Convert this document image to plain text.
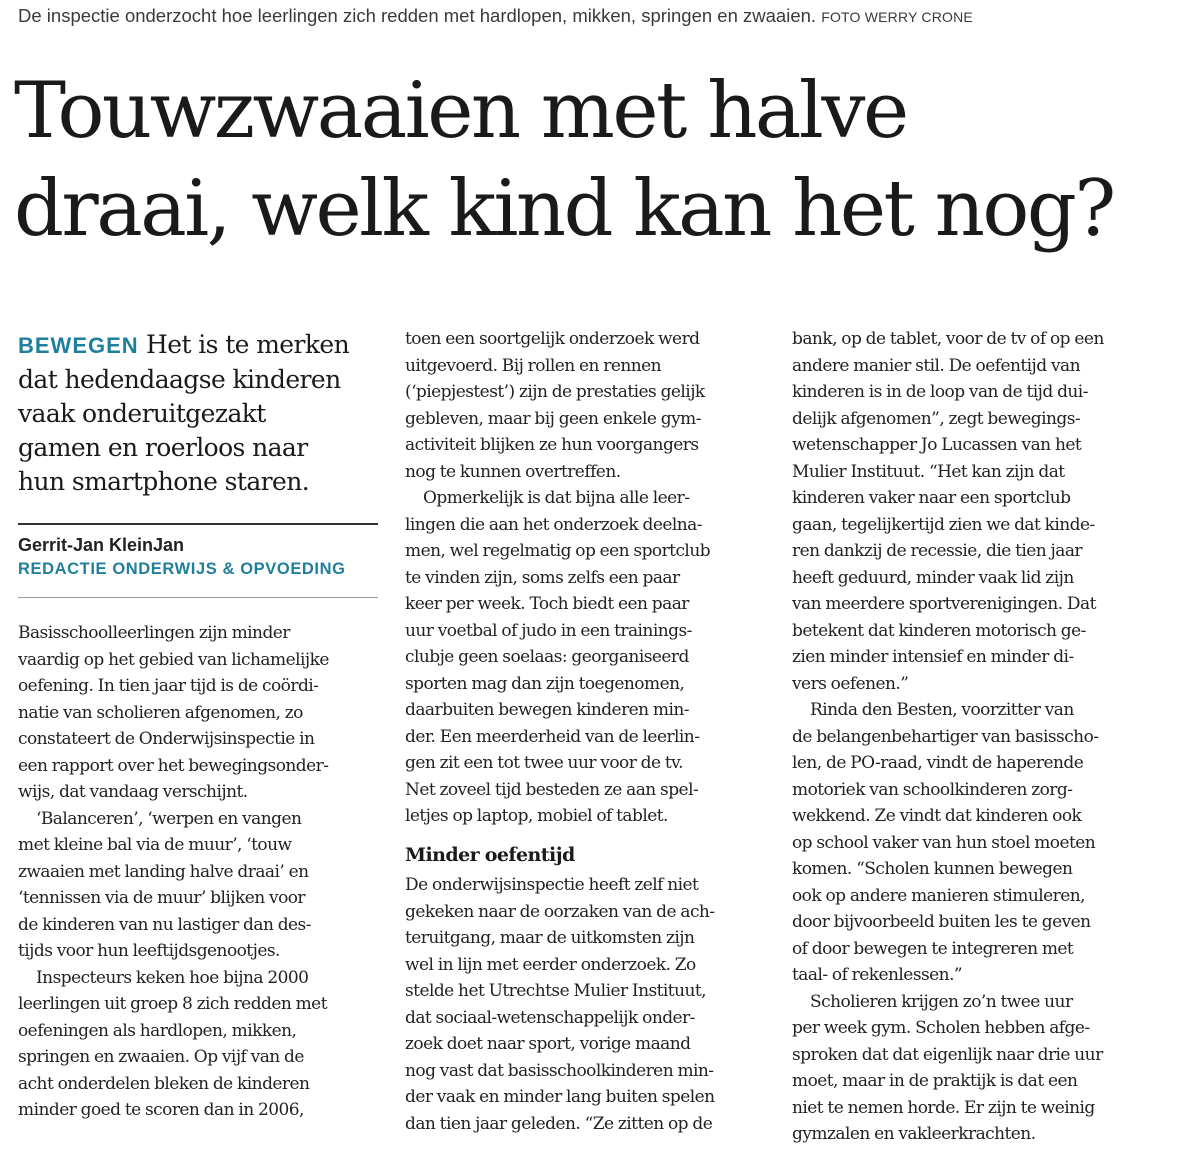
De inspectie onderzocht hoe leerlingen zich redden met hardlopen, mikken, springen en zwaaien. FOTO WERRY CRONE
Touwzwaaien met halve
draai, welk kind kan het nog?
BEWEGEN Het is te merken
dat hedendaagse kinderen
vaak onderuitgezakt
gamen en roerloos naar
hun smartphone staren.
Gerrit-Jan KleinJan
REDACTIE ONDERWIJS & OPVOEDING
Basisschoolleerlingen zijn minder
vaardig op het gebied van lichamelijke
oefening. In tien jaar tijd is de coördi-
natie van scholieren afgenomen, zo
constateert de Onderwijsinspectie in
een rapport over het bewegingsonder-
wijs, dat vandaag verschijnt.
‘Balanceren’, ‘werpen en vangen
met kleine bal via de muur’, ‘touw
zwaaien met landing halve draai’ en
‘tennissen via de muur’ blijken voor
de kinderen van nu lastiger dan des-
tijds voor hun leeftijdsgenootjes.
Inspecteurs keken hoe bijna 2000
leerlingen uit groep 8 zich redden met
oefeningen als hardlopen, mikken,
springen en zwaaien. Op vijf van de
acht onderdelen bleken de kinderen
minder goed te scoren dan in 2006,
toen een soortgelijk onderzoek werd
uitgevoerd. Bij rollen en rennen
(‘piepjestest’) zijn de prestaties gelijk
gebleven, maar bij geen enkele gym-
activiteit blijken ze hun voorgangers
nog te kunnen overtreffen.
Opmerkelijk is dat bijna alle leer-
lingen die aan het onderzoek deelna-
men, wel regelmatig op een sportclub
te vinden zijn, soms zelfs een paar
keer per week. Toch biedt een paar
uur voetbal of judo in een trainings-
clubje geen soelaas: georganiseerd
sporten mag dan zijn toegenomen,
daarbuiten bewegen kinderen min-
der. Een meerderheid van de leerlin-
gen zit een tot twee uur voor de tv.
Net zoveel tijd besteden ze aan spel-
letjes op laptop, mobiel of tablet.
Minder oefentijd
De onderwijsinspectie heeft zelf niet
gekeken naar de oorzaken van de ach-
teruitgang, maar de uitkomsten zijn
wel in lijn met eerder onderzoek. Zo
stelde het Utrechtse Mulier Instituut,
dat sociaal-wetenschappelijk onder-
zoek doet naar sport, vorige maand
nog vast dat basisschoolkinderen min-
der vaak en minder lang buiten spelen
dan tien jaar geleden. “Ze zitten op de
bank, op de tablet, voor de tv of op een
andere manier stil. De oefentijd van
kinderen is in de loop van de tijd dui-
delijk afgenomen”, zegt bewegings-
wetenschapper Jo Lucassen van het
Mulier Instituut. “Het kan zijn dat
kinderen vaker naar een sportclub
gaan, tegelijkertijd zien we dat kinde-
ren dankzij de recessie, die tien jaar
heeft geduurd, minder vaak lid zijn
van meerdere sportverenigingen. Dat
betekent dat kinderen motorisch ge-
zien minder intensief en minder di-
vers oefenen.”
Rinda den Besten, voorzitter van
de belangenbehartiger van basisscho-
len, de PO-raad, vindt de haperende
motoriek van schoolkinderen zorg-
wekkend. Ze vindt dat kinderen ook
op school vaker van hun stoel moeten
komen. “Scholen kunnen bewegen
ook op andere manieren stimuleren,
door bijvoorbeeld buiten les te geven
of door bewegen te integreren met
taal- of rekenlessen.”
Scholieren krijgen zo’n twee uur
per week gym. Scholen hebben afge-
sproken dat dat eigenlijk naar drie uur
moet, maar in de praktijk is dat een
niet te nemen horde. Er zijn te weinig
gymzalen en vakleerkrachten.
